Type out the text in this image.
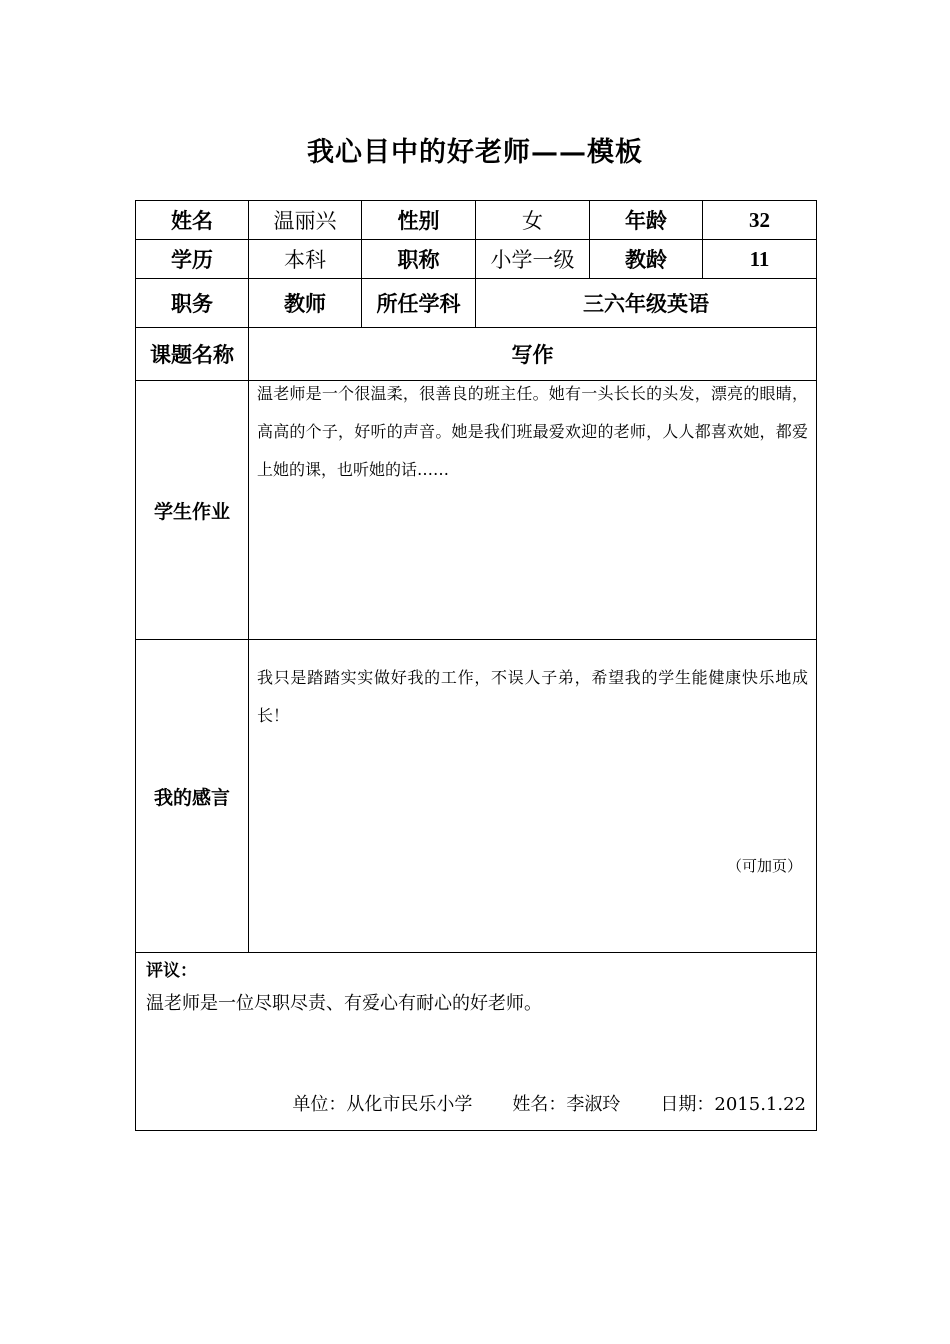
我心目中的好老师——模板
姓名	温丽兴	性别	女	年龄	32
学历	本科	职称	小学一级	教龄	11
职务	教师	所任学科	三六年级英语		
课题名称	写作				
学生作业	温老师是一个很温柔，很善良的班主任。她有一头长长的头发，漂亮的眼睛，高高的个子，好听的声音。她是我们班最爱欢迎的老师，人人都喜欢她，都爱上她的课，也听她的话……				

我的感言	我只是踏踏实实做好我的工作，不误人子弟，希望我的学生能健康快乐地成长！
（可加页）				

评议：
温老师是一位尽职尽责、有爱心有耐心的好老师。
单位：从化市民乐小学 姓名：李淑玲 日期：2015.1.22					
